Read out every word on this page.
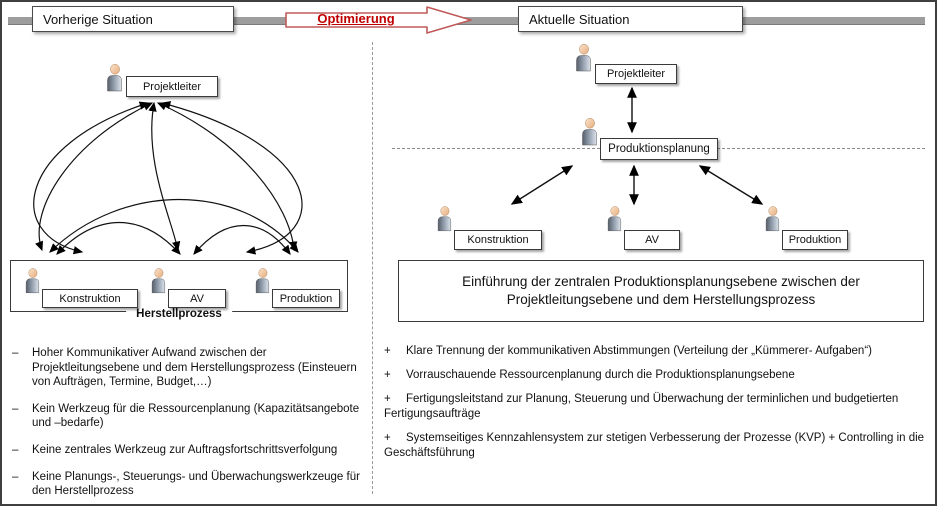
Vorherige Situation	Optimierung	Aktuelle Situation
Projektleiter
Herstellprozess
Konstruktion	AV	Produktion
–	Hoher Kommunikativer Aufwand zwischen der Projektleitungsebene und dem Herstellungsprozess (Einsteuern von Aufträgen, Termine, Budget,…)
–	Kein Werkzeug für die Ressourcenplanung (Kapazitätsangebote und –bedarfe)
–	Keine zentrales Werkzeug zur Auftragsfortschrittsverfolgung
–	Keine Planungs-, Steuerungs- und Überwachungswerkzeuge für den Herstellprozess
Projektleiter
Produktionsplanung
Konstruktion	AV	Produktion
Einführung der zentralen Produktionsplanungsebene zwischen der Projektleitungsebene und dem Herstellungsprozess
+ Klare Trennung der kommunikativen Abstimmungen (Verteilung der „Kümmerer- Aufgaben“)
+ Vorrauschauende Ressourcenplanung durch die Produktionsplanungsebene
+ Fertigungsleitstand zur Planung, Steuerung und Überwachung der terminlichen und budgetierten Fertigungsaufträge
+ Systemseitiges Kennzahlensystem zur stetigen Verbesserung der Prozesse (KVP) + Controlling in die Geschäftsführung
